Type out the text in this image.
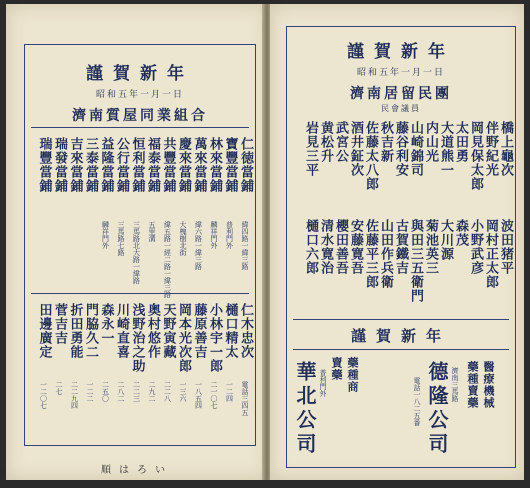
謹賀新年
昭和五年一月一日
濟南質屋同業組合
仁徳當鋪
寶豐當鋪
林來當鋪
萬來當鋪
慶來當鋪
共豐當鋪
福泰當鋪
恒利當鋪
公行當鋪
益隆當鋪
三泰當鋪
吉來當鋪
瑞發當鋪
瑞豐當鋪
緯四路一緯三路
普利門外
麟祥門外
緯六路一緯三路
大槐樹北街
緯五路一經二路一緯三路
五里溝
三馬路北大路一緯路
三馬路七路
麟祥門外
仁木忠次
樋口精太
小林宇一郎
藤原善吉
岡本光次郎
天野寅藏
奥村悠作
浅野治之助
川崎直喜
森永一
門脇久二
折田勇能
菅吉吉
田邊廣定
電話三四五
一二四
二一〇七
一八五四
一三六
二二八
二九二
二二三
二八二
二五〇
一二二
二二九四
二七
一二〇七
順はろい
謹賀新年
昭和五年一月一日
濟南居留民團
民會議員
橋上龜次
伴野紀光
岡見保太郎
太田勇
大道熊一
内山光
山崎錦司
藤谷利安
秋吉新
佐藤太八郎
酒井鉦次
武宮公
黄松升
岩見三平
波田猪平
岡村正太郎
小野武彦
森茂
大川源
菊池英三
與田三五衛門
古賀鐵吉
山田作兵衛
佐藤平三郎
安藤寛吾
櫻田善吾
清水寛治
樋口六郎
謹賀新年
醫療機械
藥種賣藥
濟南三馬路
德隆公司
電話一八二五番
藥種商
賣藥
普利門外
華北公司
